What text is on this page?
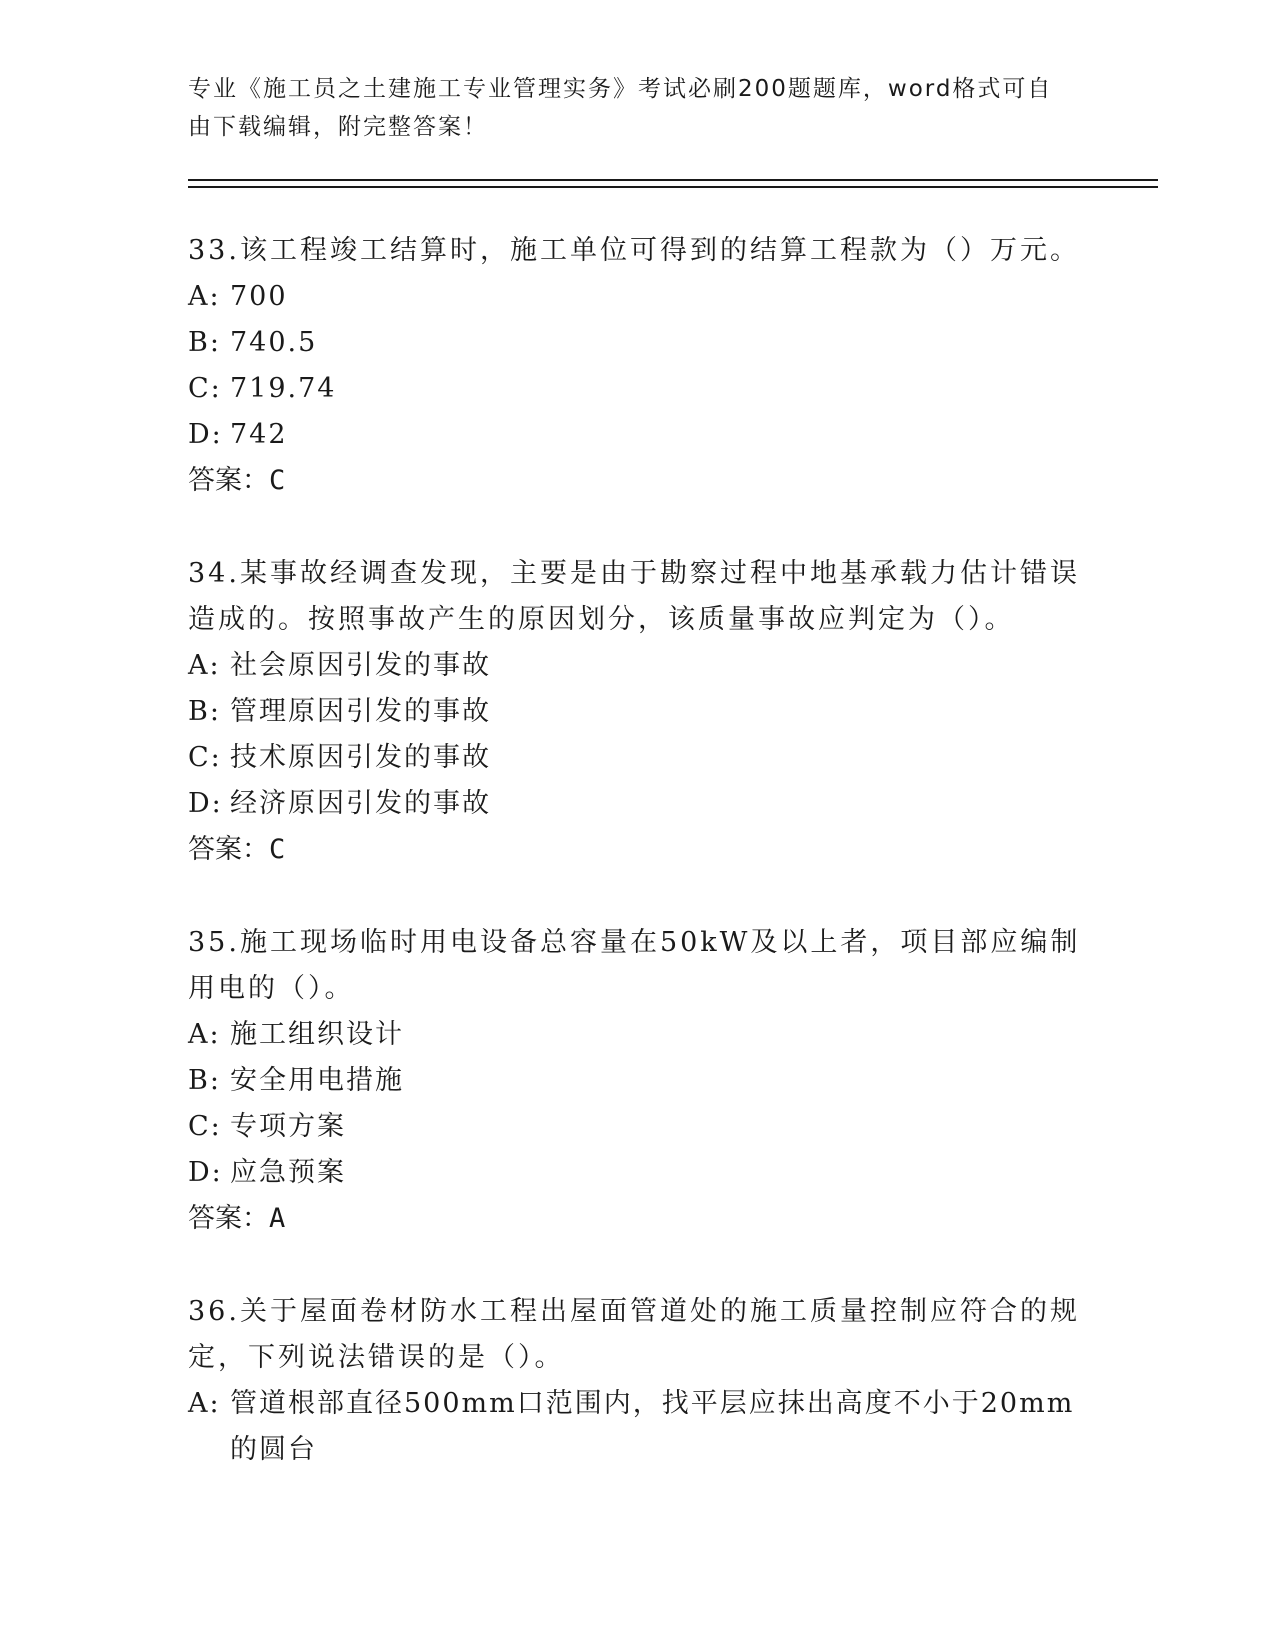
专业《施工员之土建施工专业管理实务》考试必刷200题题库，word格式可自由下载编辑，附完整答案！

33.该工程竣工结算时，施工单位可得到的结算工程款为（）万元。

A: 700
B: 740.5
C: 719.74
D: 742

答案：C

34.某事故经调查发现，主要是由于勘察过程中地基承载力估计错误造成的。按照事故产生的原因划分，该质量事故应判定为（）。

A: 社会原因引发的事故
B: 管理原因引发的事故
C: 技术原因引发的事故
D: 经济原因引发的事故

答案：C

35.施工现场临时用电设备总容量在50kW及以上者，项目部应编制用电的（）。

A: 施工组织设计
B: 安全用电措施
C: 专项方案
D: 应急预案

答案：A

36.关于屋面卷材防水工程出屋面管道处的施工质量控制应符合的规定，下列说法错误的是（）。

A: 管道根部直径500mm口范围内，找平层应抹出高度不小于20mm的圆台
